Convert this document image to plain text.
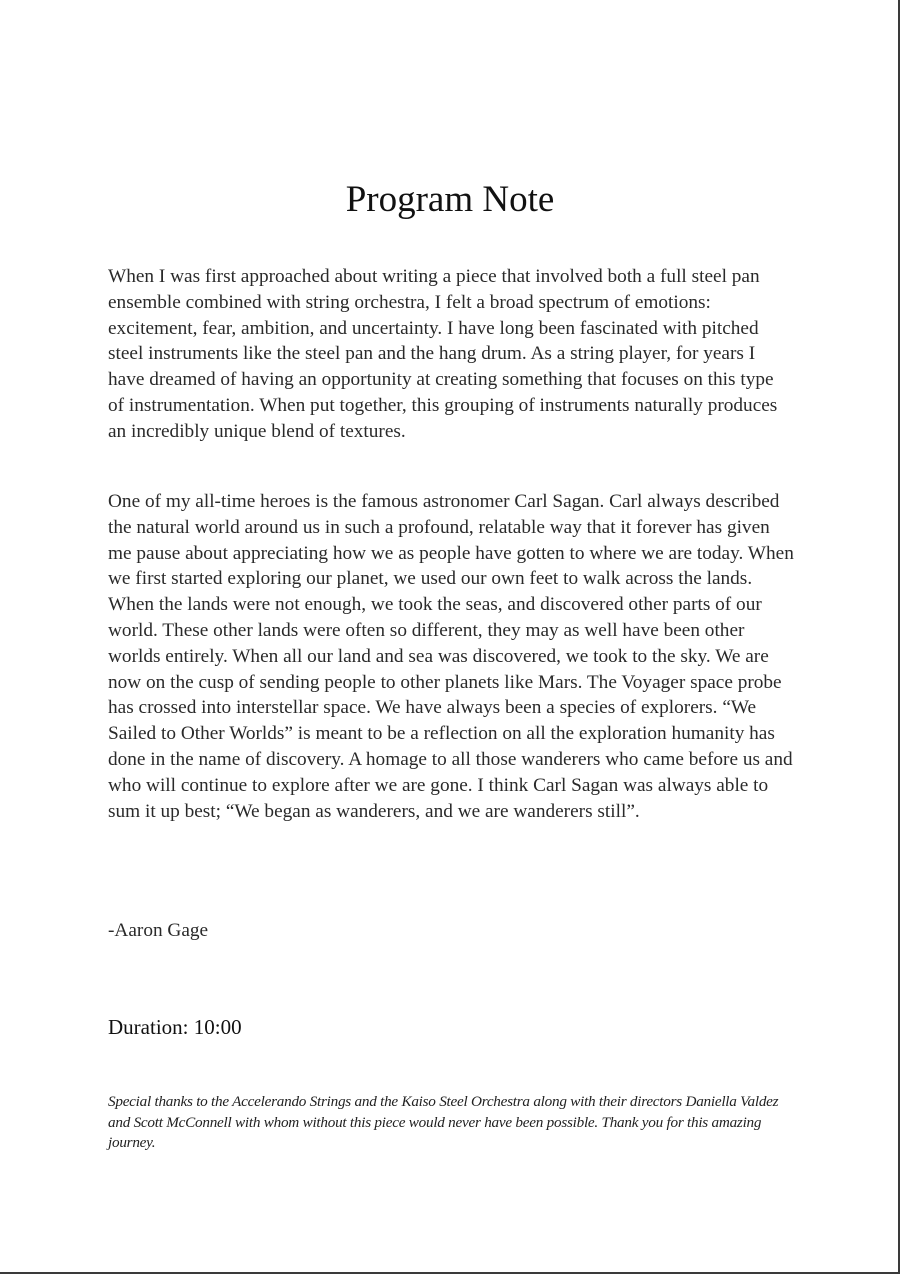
Program Note

When I was first approached about writing a piece that involved both a full steel pan ensemble combined with string orchestra, I felt a broad spectrum of emotions: excitement, fear, ambition, and uncertainty. I have long been fascinated with pitched steel instruments like the steel pan and the hang drum. As a string player, for years I have dreamed of having an opportunity at creating something that focuses on this type of instrumentation. When put together, this grouping of instruments naturally produces an incredibly unique blend of textures.

One of my all-time heroes is the famous astronomer Carl Sagan. Carl always described the natural world around us in such a profound, relatable way that it forever has given me pause about appreciating how we as people have gotten to where we are today. When we first started exploring our planet, we used our own feet to walk across the lands. When the lands were not enough, we took the seas, and discovered other parts of our world. These other lands were often so different, they may as well have been other worlds entirely. When all our land and sea was discovered, we took to the sky. We are now on the cusp of sending people to other planets like Mars. The Voyager space probe has crossed into interstellar space. We have always been a species of explorers. “We Sailed to Other Worlds” is meant to be a reflection on all the exploration humanity has done in the name of discovery. A homage to all those wanderers who came before us and who will continue to explore after we are gone. I think Carl Sagan was always able to sum it up best; “We began as wanderers, and we are wanderers still”.

-Aaron Gage

Duration: 10:00

Special thanks to the Accelerando Strings and the Kaiso Steel Orchestra along with their directors Daniella Valdez and Scott McConnell with whom without this piece would never have been possible. Thank you for this amazing journey.
